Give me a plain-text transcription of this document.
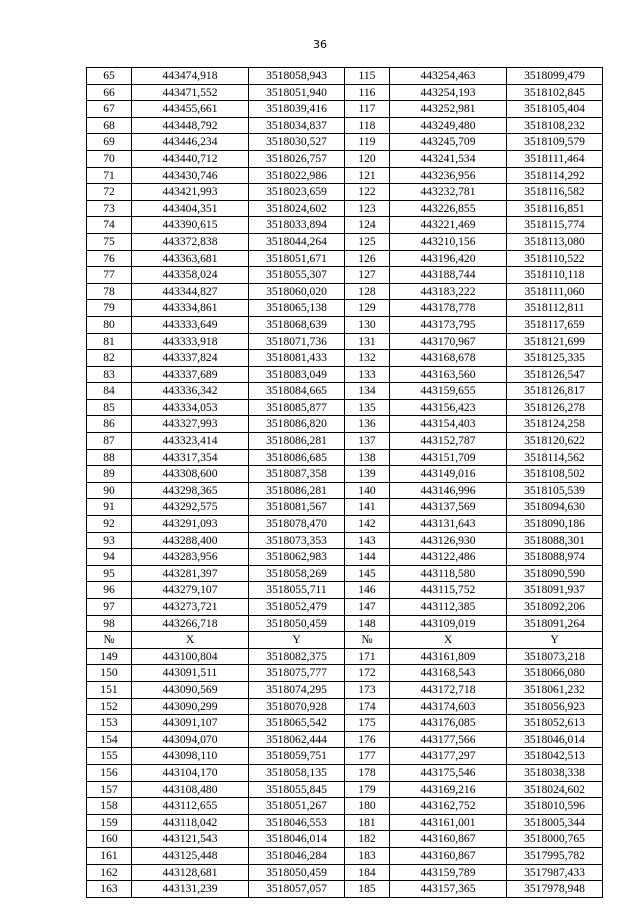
36
65	443474,918	3518058,943	115	443254,463	3518099,479
66	443471,552	3518051,940	116	443254,193	3518102,845
67	443455,661	3518039,416	117	443252,981	3518105,404
68	443448,792	3518034,837	118	443249,480	3518108,232
69	443446,234	3518030,527	119	443245,709	3518109,579
70	443440,712	3518026,757	120	443241,534	3518111,464
71	443430,746	3518022,986	121	443236,956	3518114,292
72	443421,993	3518023,659	122	443232,781	3518116,582
73	443404,351	3518024,602	123	443226,855	3518116,851
74	443390,615	3518033,894	124	443221,469	3518115,774
75	443372,838	3518044,264	125	443210,156	3518113,080
76	443363,681	3518051,671	126	443196,420	3518110,522
77	443358,024	3518055,307	127	443188,744	3518110,118
78	443344,827	3518060,020	128	443183,222	3518111,060
79	443334,861	3518065,138	129	443178,778	3518112,811
80	443333,649	3518068,639	130	443173,795	3518117,659
81	443333,918	3518071,736	131	443170,967	3518121,699
82	443337,824	3518081,433	132	443168,678	3518125,335
83	443337,689	3518083,049	133	443163,560	3518126,547
84	443336,342	3518084,665	134	443159,655	3518126,817
85	443334,053	3518085,877	135	443156,423	3518126,278
86	443327,993	3518086,820	136	443154,403	3518124,258
87	443323,414	3518086,281	137	443152,787	3518120,622
88	443317,354	3518086,685	138	443151,709	3518114,562
89	443308,600	3518087,358	139	443149,016	3518108,502
90	443298,365	3518086,281	140	443146,996	3518105,539
91	443292,575	3518081,567	141	443137,569	3518094,630
92	443291,093	3518078,470	142	443131,643	3518090,186
93	443288,400	3518073,353	143	443126,930	3518088,301
94	443283,956	3518062,983	144	443122,486	3518088,974
95	443281,397	3518058,269	145	443118,580	3518090,590
96	443279,107	3518055,711	146	443115,752	3518091,937
97	443273,721	3518052,479	147	443112,385	3518092,206
98	443266,718	3518050,459	148	443109,019	3518091,264
№	X	Y	№	X	Y
149	443100,804	3518082,375	171	443161,809	3518073,218
150	443091,511	3518075,777	172	443168,543	3518066,080
151	443090,569	3518074,295	173	443172,718	3518061,232
152	443090,299	3518070,928	174	443174,603	3518056,923
153	443091,107	3518065,542	175	443176,085	3518052,613
154	443094,070	3518062,444	176	443177,566	3518046,014
155	443098,110	3518059,751	177	443177,297	3518042,513
156	443104,170	3518058,135	178	443175,546	3518038,338
157	443108,480	3518055,845	179	443169,216	3518024,602
158	443112,655	3518051,267	180	443162,752	3518010,596
159	443118,042	3518046,553	181	443161,001	3518005,344
160	443121,543	3518046,014	182	443160,867	3518000,765
161	443125,448	3518046,284	183	443160,867	3517995,782
162	443128,681	3518050,459	184	443159,789	3517987,433
163	443131,239	3518057,057	185	443157,365	3517978,948
